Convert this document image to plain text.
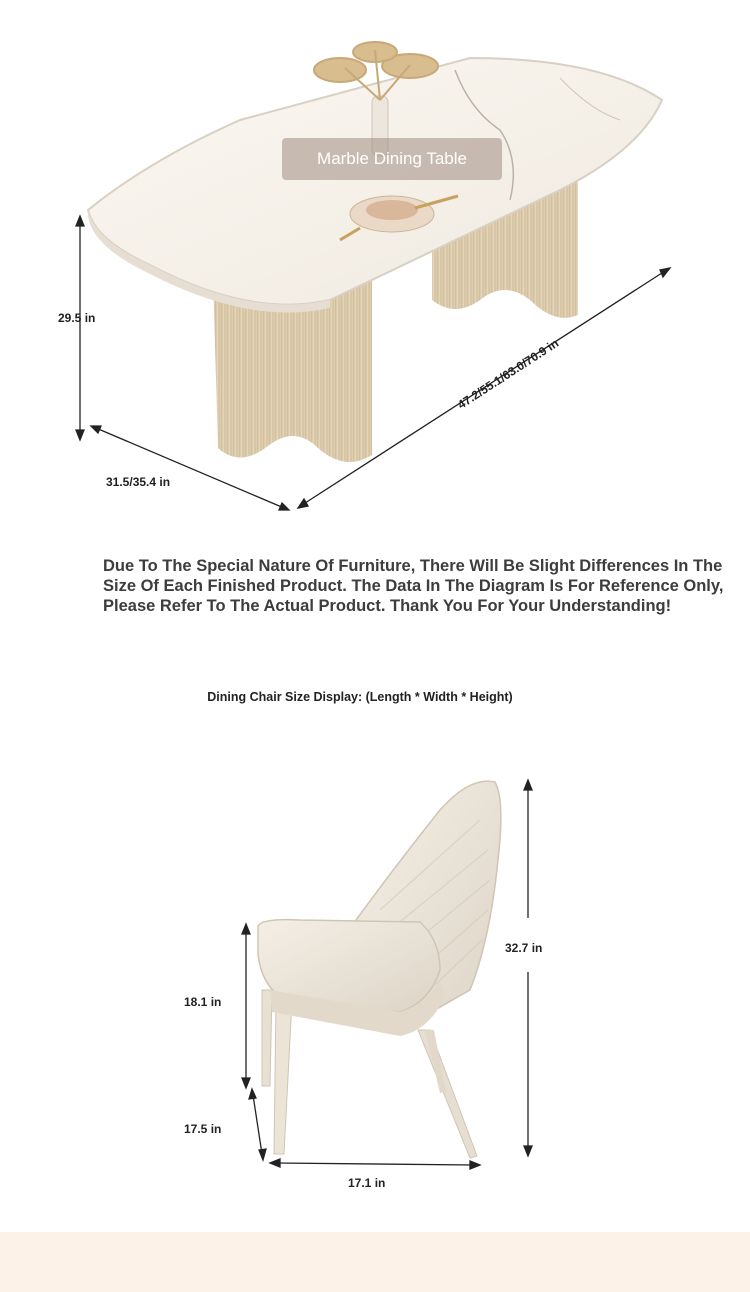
Marble Dining Table
29.5 in
31.5/35.4 in
47.2/55.1/63.0/70.9 in
Due To The Special Nature Of Furniture, There Will Be Slight Differences In The Size Of Each Finished Product. The Data In The Diagram Is For Reference Only, Please Refer To The Actual Product. Thank You For Your Understanding!
Dining Chair Size Display: (Length * Width * Height)
32.7 in
18.1 in
17.5 in
17.1 in
